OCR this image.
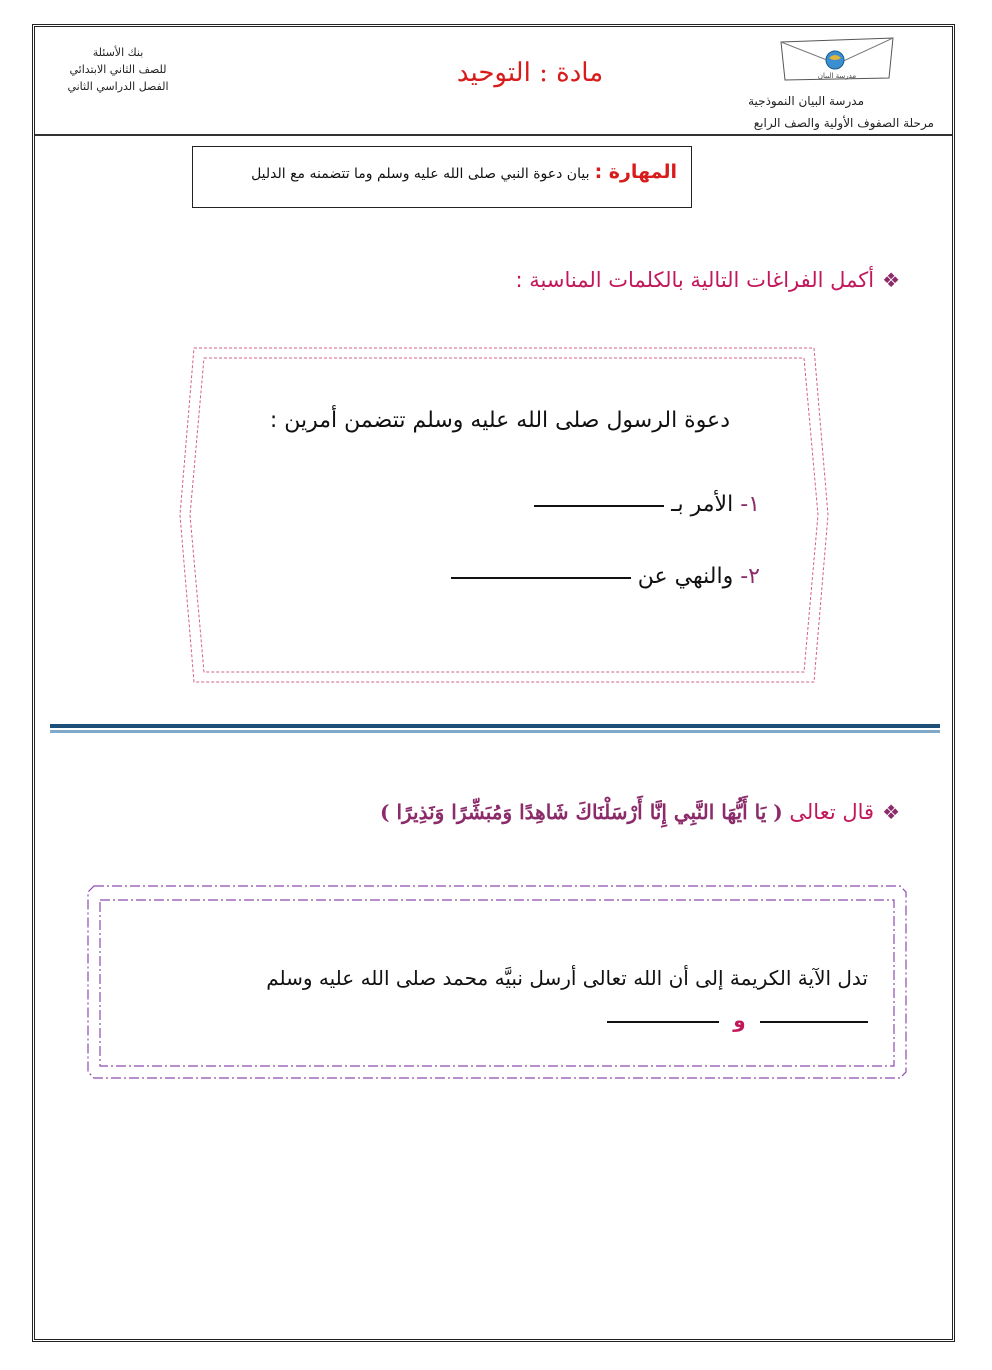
مدرسة البيان
مدرسة البيان النموذجية
مرحلة الصفوف الأولية والصف الرابع
مادة : التوحيد
بنك الأسئلة
للصف الثاني الابتدائي
الفصل الدراسي الثاني
المهارة : بيان دعوة النبي صلى الله عليه وسلم وما تتضمنه مع الدليل
❖أكمل الفراغات التالية بالكلمات المناسبة :
دعوة الرسول صلى الله عليه وسلم تتضمن أمرين :
١- الأمر بـ
٢- والنهي عن
❖قال تعالى ( يَا أَيُّهَا النَّبِي إِنَّا أَرْسَلْنَاكَ شَاهِدًا وَمُبَشِّرًا وَنَذِيرًا )
تدل الآية الكريمة إلى أن الله تعالى أرسل نبيَّه محمد صلى الله عليه وسلم
و
